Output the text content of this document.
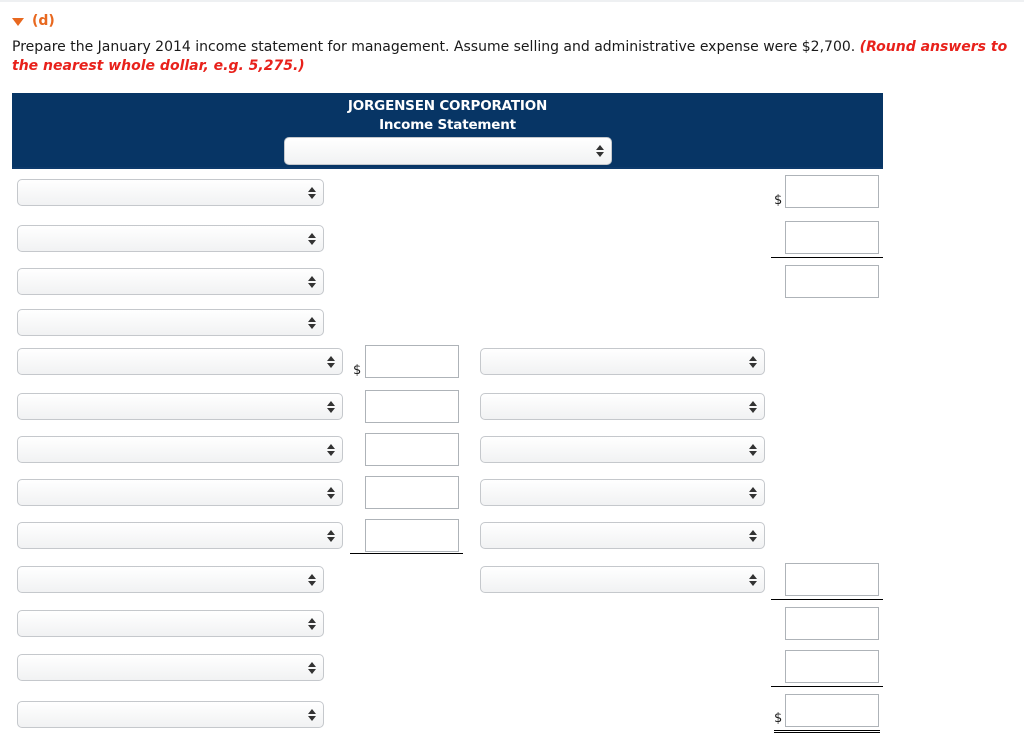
(d)
Prepare the January 2014 income statement for management. Assume selling and administrative expense were $2,700. (Round answers to the nearest whole dollar, e.g. 5,275.)
JORGENSEN CORPORATION
Income Statement
$
$
$
